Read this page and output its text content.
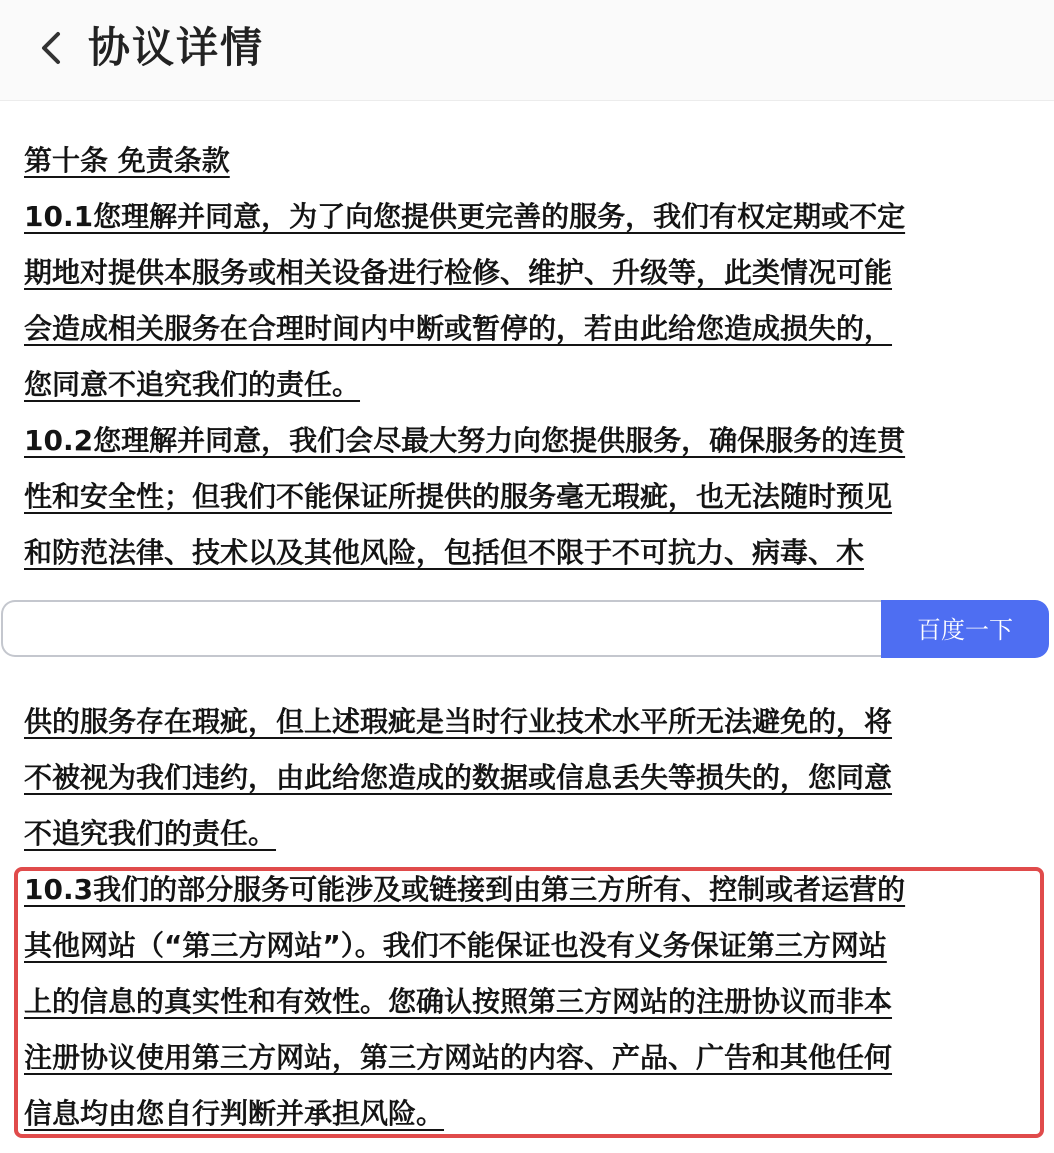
协议详情
第十条 免责条款
10.1您理解并同意，为了向您提供更完善的服务，我们有权定期或不定
期地对提供本服务或相关设备进行检修、维护、升级等，此类情况可能
会造成相关服务在合理时间内中断或暂停的，若由此给您造成损失的，
您同意不追究我们的责任。
10.2您理解并同意，我们会尽最大努力向您提供服务，确保服务的连贯
性和安全性；但我们不能保证所提供的服务毫无瑕疵，也无法随时预见
和防范法律、技术以及其他风险，包括但不限于不可抗力、病毒、木
百度一下
供的服务存在瑕疵，但上述瑕疵是当时行业技术水平所无法避免的，将
不被视为我们违约，由此给您造成的数据或信息丢失等损失的，您同意
不追究我们的责任。
10.3我们的部分服务可能涉及或链接到由第三方所有、控制或者运营的
其他网站（“第三方网站”）。我们不能保证也没有义务保证第三方网站
上的信息的真实性和有效性。您确认按照第三方网站的注册协议而非本
注册协议使用第三方网站，第三方网站的内容、产品、广告和其他任何
信息均由您自行判断并承担风险。
